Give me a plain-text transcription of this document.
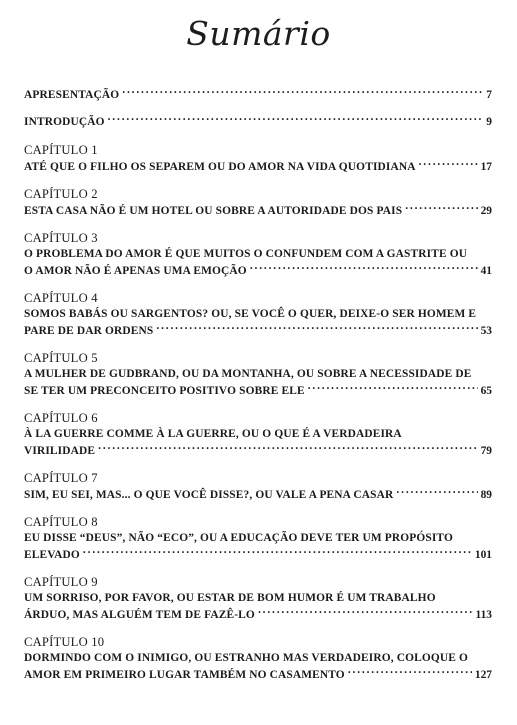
Sumário
APRESENTAÇÃO . . .	7
INTRODUÇÃO . . .	9
CAPÍTULO 1
ATÉ QUE O FILHO OS SEPAREM OU DO AMOR NA VIDA QUOTIDIANA . . .	17
CAPÍTULO 2
ESTA CASA NÃO É UM HOTEL OU SOBRE A AUTORIDADE DOS PAIS . . .	29
CAPÍTULO 3
O PROBLEMA DO AMOR É QUE MUITOS O CONFUNDEM COM A GASTRITE OU
O AMOR NÃO É APENAS UMA EMOÇÃO . . .	41
CAPÍTULO 4
SOMOS BABÁS OU SARGENTOS? OU, SE VOCÊ O QUER, DEIXE-O SER HOMEM E
PARE DE DAR ORDENS . . .	53
CAPÍTULO 5
A MULHER DE GUDBRAND, OU DA MONTANHA, OU SOBRE A NECESSIDADE DE
SE TER UM PRECONCEITO POSITIVO SOBRE ELE . . .	65
CAPÍTULO 6
À LA GUERRE COMME À LA GUERRE, OU O QUE É A VERDADEIRA
VIRILIDADE . . .	79
CAPÍTULO 7
SIM, EU SEI, MAS... O QUE VOCÊ DISSE?, OU VALE A PENA CASAR . . .	89
CAPÍTULO 8
EU DISSE “DEUS”, NÃO “ECO”, OU A EDUCAÇÃO DEVE TER UM PROPÓSITO
ELEVADO . . .	101
CAPÍTULO 9
UM SORRISO, POR FAVOR, OU ESTAR DE BOM HUMOR É UM TRABALHO
ÁRDUO, MAS ALGUÉM TEM DE FAZÊ-LO . . .	113
CAPÍTULO 10
DORMINDO COM O INIMIGO, OU ESTRANHO MAS VERDADEIRO, COLOQUE O
AMOR EM PRIMEIRO LUGAR TAMBÉM NO CASAMENTO . . .	127
